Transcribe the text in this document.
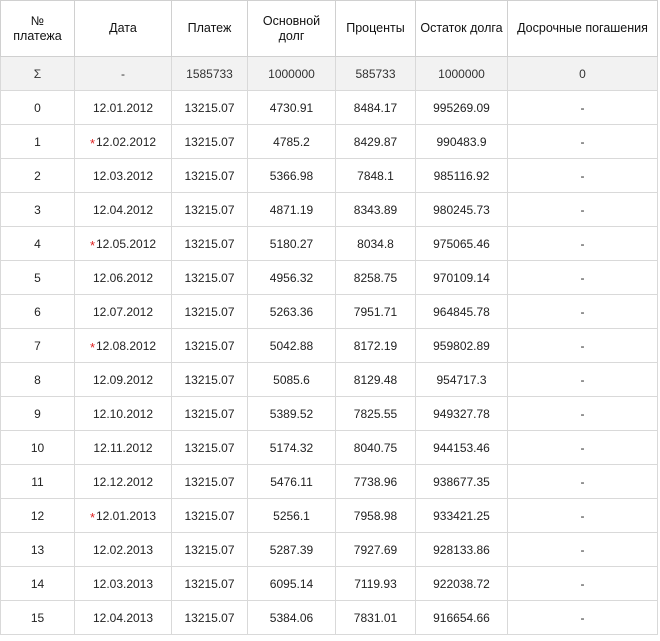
№ платежа	Дата	Платеж	Основной долг	Проценты	Остаток долга	Досрочные погашения
Σ	-	1585733	1000000	585733	1000000	0
0	12.01.2012	13215.07	4730.91	8484.17	995269.09	-
1	*12.02.2012	13215.07	4785.2	8429.87	990483.9	-
2	12.03.2012	13215.07	5366.98	7848.1	985116.92	-
3	12.04.2012	13215.07	4871.19	8343.89	980245.73	-
4	*12.05.2012	13215.07	5180.27	8034.8	975065.46	-
5	12.06.2012	13215.07	4956.32	8258.75	970109.14	-
6	12.07.2012	13215.07	5263.36	7951.71	964845.78	-
7	*12.08.2012	13215.07	5042.88	8172.19	959802.89	-
8	12.09.2012	13215.07	5085.6	8129.48	954717.3	-
9	12.10.2012	13215.07	5389.52	7825.55	949327.78	-
10	12.11.2012	13215.07	5174.32	8040.75	944153.46	-
11	12.12.2012	13215.07	5476.11	7738.96	938677.35	-
12	*12.01.2013	13215.07	5256.1	7958.98	933421.25	-
13	12.02.2013	13215.07	5287.39	7927.69	928133.86	-
14	12.03.2013	13215.07	6095.14	7119.93	922038.72	-
15	12.04.2013	13215.07	5384.06	7831.01	916654.66	-
